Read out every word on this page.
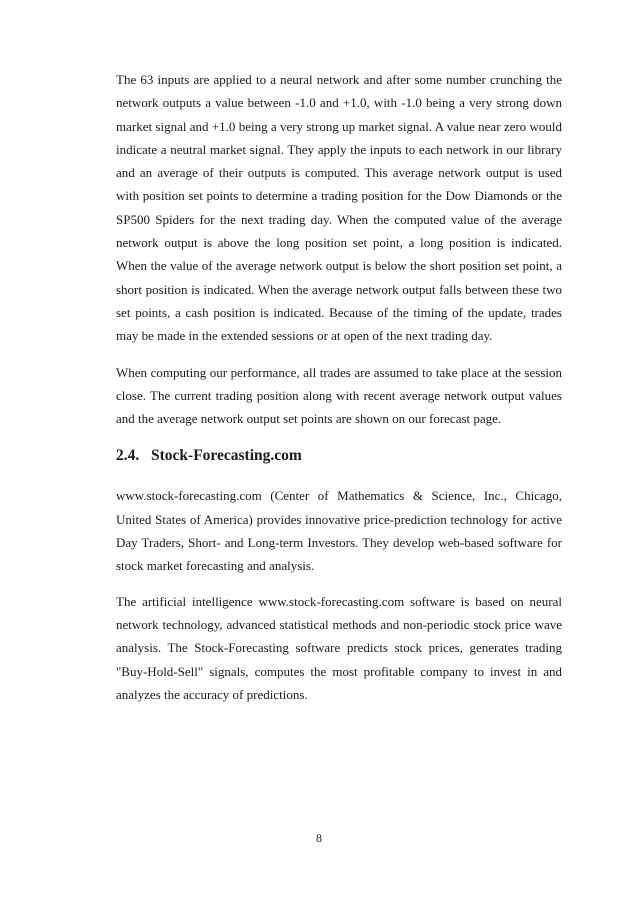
The 63 inputs are applied to a neural network and after some number crunching the network outputs a value between -1.0 and +1.0, with -1.0 being a very strong down market signal and +1.0 being a very strong up market signal. A value near zero would indicate a neutral market signal. They apply the inputs to each network in our library and an average of their outputs is computed. This average network output is used with position set points to determine a trading position for the Dow Diamonds or the SP500 Spiders for the next trading day. When the computed value of the average network output is above the long position set point, a long position is indicated. When the value of the average network output is below the short position set point, a short position is indicated. When the average network output falls between these two set points, a cash position is indicated. Because of the timing of the update, trades may be made in the extended sessions or at open of the next trading day.

When computing our performance, all trades are assumed to take place at the session close. The current trading position along with recent average network output values and the average network output set points are shown on our forecast page.

2.4. Stock-Forecasting.com

www.stock-forecasting.com (Center of Mathematics & Science, Inc., Chicago, United States of America) provides innovative price-prediction technology for active Day Traders, Short- and Long-term Investors. They develop web-based software for stock market forecasting and analysis.

The artificial intelligence www.stock-forecasting.com software is based on neural network technology, advanced statistical methods and non-periodic stock price wave analysis. The Stock-Forecasting software predicts stock prices, generates trading "Buy-Hold-Sell" signals, computes the most profitable company to invest in and analyzes the accuracy of predictions.

8
